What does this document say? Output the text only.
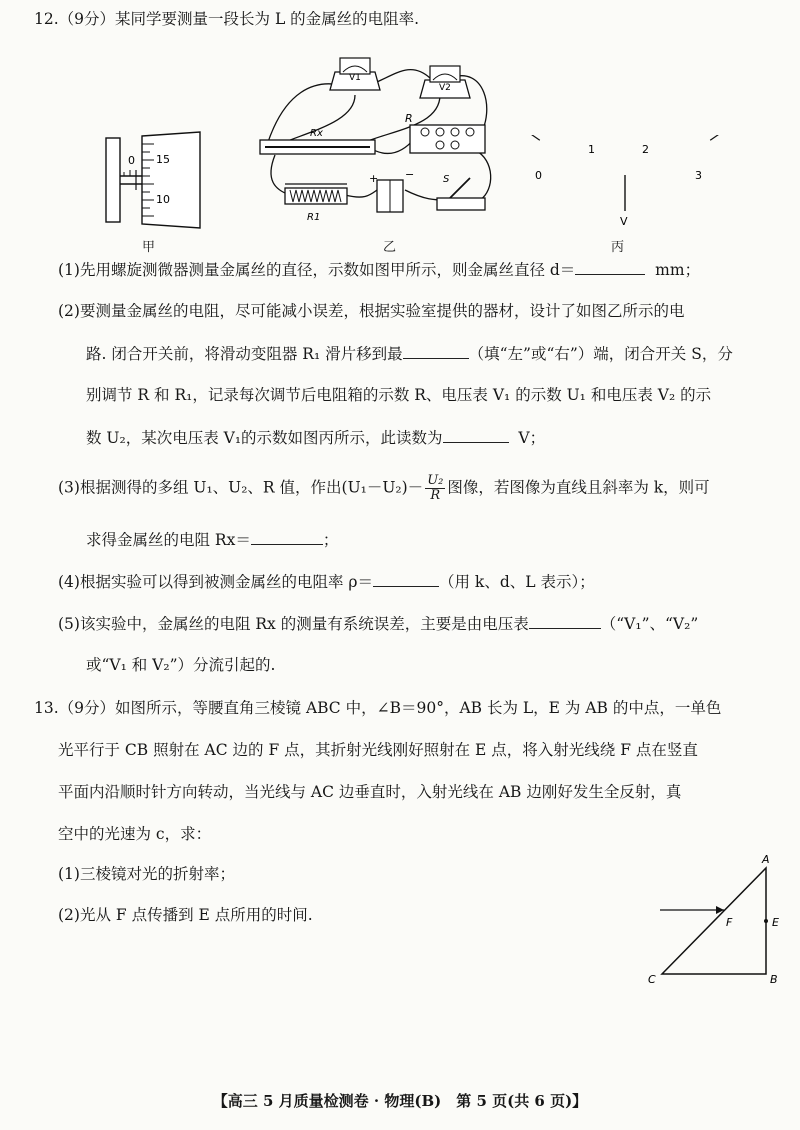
12.（9分）某同学要测量一段长为 L 的金属丝的电阻率.
15
10
0
甲
V1
V2
Rx
R
R1
+ −	S
乙
0
1	2
3
V
丙
(1)先用螺旋测微器测量金属丝的直径，示数如图甲所示，则金属丝直径 d＝	mm；
(2)要测量金属丝的电阻，尽可能减小误差，根据实验室提供的器材，设计了如图乙所示的电
路. 闭合开关前，将滑动变阻器 R₁ 滑片移到最	（填“左”或“右”）端，闭合开关 S，分
别调节 R 和 R₁，记录每次调节后电阻箱的示数 R、电压表 V₁ 的示数 U₁ 和电压表 V₂ 的示
数 U₂，某次电压表 V₁的示数如图丙所示，此读数为	V；
(3)根据测得的多组 U₁、U₂、R 值，作出$(U_1-U_2)- \frac{\text{U₂}}{R}$ 图像，若图像为直线且斜率为 k，则可
求得金属丝的电阻 Rx＝	；
(4)根据实验可以得到被测金属丝的电阻率 ρ＝	（用 k、d、L 表示）；
(5)该实验中，金属丝的电阻 Rx 的测量有系统误差，主要是由电压表	（“V₁”、“V₂”
或“V₁ 和 V₂”）分流引起的.
13.（9分）如图所示，等腰直角三棱镜 ABC 中，∠B＝90°，AB 长为 L，E 为 AB 的中点，一单色
光平行于 CB 照射在 AC 边的 F 点，其折射光线刚好照射在 E 点，将入射光线绕 F 点在竖直
平面内沿顺时针方向转动，当光线与 AC 边垂直时，入射光线在 AB 边刚好发生全反射，真
空中的光速为 c，求：
(1)三棱镜对光的折射率；
(2)光从 F 点传播到 E 点所用的时间.
A
B
C
E
F
【高三 5 月质量检测卷 · 物理(B)　第 5 页(共 6 页)】
